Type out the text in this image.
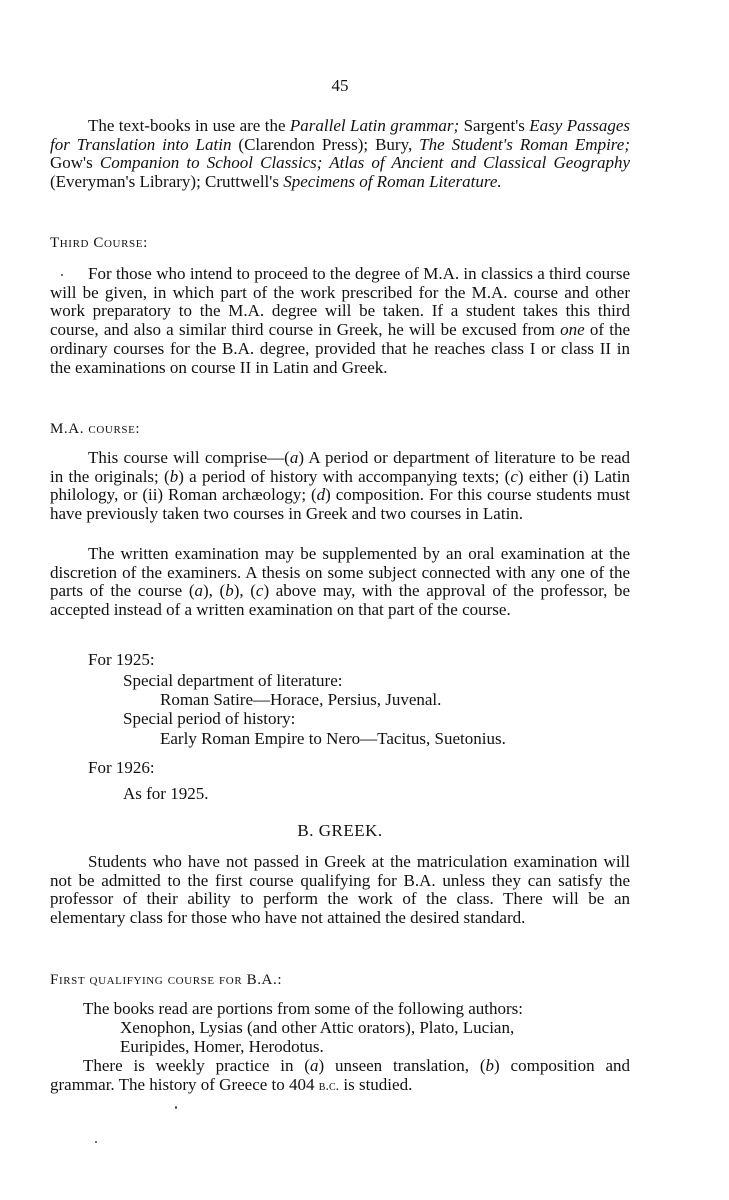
45

The text-books in use are the Parallel Latin grammar; Sargent's Easy Passages for Translation into Latin (Clarendon Press); Bury, The Student's Roman Empire; Gow's Companion to School Classics; Atlas of Ancient and Classical Geography (Everyman's Library); Cruttwell's Specimens of Roman Literature.

Third Course:

For those who intend to proceed to the degree of M.A. in classics a third course will be given, in which part of the work prescribed for the M.A. course and other work preparatory to the M.A. degree will be taken. If a student takes this third course, and also a similar third course in Greek, he will be excused from one of the ordinary courses for the B.A. degree, provided that he reaches class I or class II in the examinations on course II in Latin and Greek.

M.A. course:

This course will comprise—(a) A period or department of literature to be read in the originals; (b) a period of history with accompanying texts; (c) either (i) Latin philology, or (ii) Roman archæology; (d) composition. For this course students must have previously taken two courses in Greek and two courses in Latin.

The written examination may be supplemented by an oral examination at the discretion of the examiners. A thesis on some subject connected with any one of the parts of the course (a), (b), (c) above may, with the approval of the professor, be accepted instead of a written examination on that part of the course.

For 1925:
Special department of literature:
Roman Satire—Horace, Persius, Juvenal.
Special period of history:
Early Roman Empire to Nero—Tacitus, Suetonius.
For 1926:
As for 1925.
B. GREEK.

Students who have not passed in Greek at the matriculation examination will not be admitted to the first course qualifying for B.A. unless they can satisfy the professor of their ability to perform the work of the class. There will be an elementary class for those who have not attained the desired standard.

First qualifying course for B.A.:
The books read are portions from some of the following authors:
Xenophon, Lysias (and other Attic orators), Plato, Lucian,
Euripides, Homer, Herodotus.

There is weekly practice in (a) unseen translation, (b) composition and grammar. The history of Greece to 404 b.c. is studied.
